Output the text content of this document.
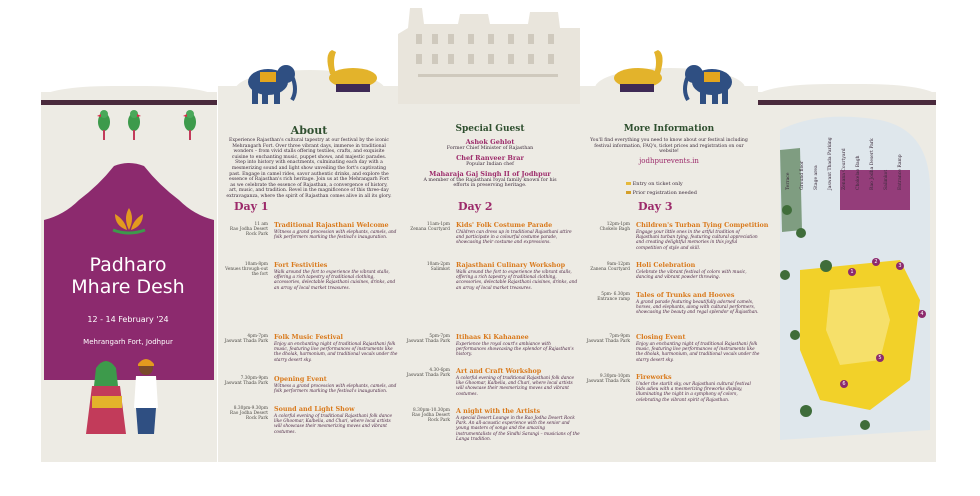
Padharo
Mhare Desh
12 - 14 February '24
Mehrangarh Fort, Jodhpur
About
Experience Rajasthan's cultural tapestry at our festival by the iconic Mehrangarh Fort. Over three vibrant days, immerse in traditional wonders – from vivid stalls offering textiles, crafts, and exquisite cuisine to enchanting music, puppet shows, and majestic parades. Step into history with enactments, culminating each day with a mesmerizing sound and light show unveiling the fort's captivating past. Engage in camel rides, savor authentic drinks, and explore the essence of Rajasthan's rich heritage. Join us at the Mehrangarh Fort as we celebrate the essence of Rajasthan, a convergence of history, art, music, and tradition. Revel in the magnificence of this three-day extravaganza, where the spirit of Rajasthan comes alive in all its glory.
Special Guest
Ashok Gehlot
Former Chief Minister of Rajasthan
Chef Ranveer Brar
Popular Indian chef
Maharaja Gaj Singh II of Jodhpur
A member of the Rajasthani royal family known for his efforts in preserving heritage.
More Information
You'll find everything you need to know about our festival including festival information, FAQ's, ticket prices and registration on our website!
jodhpurevents.in
Entry on ticket only
Prior registration needed
Day 1
11 am
Rao Jodha Desert Rock Park
Traditional Rajasthani Welcome
Witness a grand procession with elephants, camels, and folk performers marking the festival's inauguration.
10am-8pm
Venues through-out the fort
Fort Festivities
Walk around the fort to experience the vibrant stalls, offering a rich tapestry of traditional clothing, accessories, delectable Rajasthani cuisines, drinks, and an array of local market treasures.
4pm-7pm
Jaswant Thada Park
Folk Music Festival
Enjoy an enchanting night of traditional Rajasthani folk music, featuring live performances of instruments like the dholak, harmonium, and traditional vocals under the starry desert sky.
7.30pm-9pm
Jaswant Thada Park
Opening Event
Witness a grand procession with elephants, camels, and folk performers marking the festival's inauguration.
8.30pm-9.30pm
Rao Jodha Desert Rock Park
Sound and Light Show
A colorful evening of traditional Rajasthani folk dance like Ghoomar, Kalbelia, and Chari, where local artists will showcase their mesmerizing moves and vibrant costumes.
Day 2
11am-1pm
Zenana Courtyard
Kids' Folk Costume Parade
Children can dress up in traditional Rajasthani attire and participate in a colourful costume parade, showcasing their costume and expressions.
10am-2pm
Salimkot
Rajasthani Culinary Workshop
Walk around the fort to experience the vibrant stalls, offering a rich tapestry of traditional clothing, accessories, delectable Rajasthani cuisines, drinks, and an array of local market treasures.
5pm-7pm
Jaswant Thada Park
Itihaas Ki Kahaanee
Experience the royal court's ambiance with performances showcasing the splendor of Rajasthan's history.
4.30-6pm
Jaswant Thada Park
Art and Craft Workshop
A colorful evening of traditional Rajasthani folk dance like Ghoomar, Kalbelia, and Chari, where local artists will showcase their mesmerizing moves and vibrant costumes.
8.30pm-10.30pm
Rao Jodha Desert Rock Park
A night with the Artists
A special Desert Lounge in the Rao Jodha Desert Rock Park. An all-acoustic experience with the senior and young masters of songs and the amazing instrumentalists of the Sindhi Sarangi – musicians of the Langa tradition.
Day 3
12pm-1pm
Chokelo Bagh
Children's Turban Tying Competition
Engage your little ones in the artful tradition of Rajasthani turban tying, featuring cultural appreciation and creating delightful memories in this joyful competition of style and skill.
9am-12pm
Zanena Courtyard
Holi Celebration
Celebrate the vibrant festival of colors with music, dancing and vibrant powder throwing.
5pm- 6.30pm
Entrance ramp
Tales of Trunks and Hooves
A grand parade featuring beautifully adorned camels, horses, and elephants, along with cultural performers, showcasing the beauty and regal splendor of Rajasthan.
7pm-9pm
Jaswant Thada Park
Closing Event
Enjoy an enchanting night of traditional Rajasthani folk music, featuring live performances of instruments like the dholak, harmonium, and traditional vocals under the starry desert sky.
9.30pm-10pm
Jaswant Thada Park
Fireworks
Under the starlit sky, our Rajasthani cultural festival bids adieu with a mesmerizing fireworks display, illuminating the night in a symphony of colors, celebrating the vibrant spirit of Rajasthan.
Terrace Ground floor Stage area Jaswant Thada Parking Zenana Courtyard Chokelao Bagh Rao Jodha Desert Park Salimkot Entrance Ramp
1
2
3
4
5
6
